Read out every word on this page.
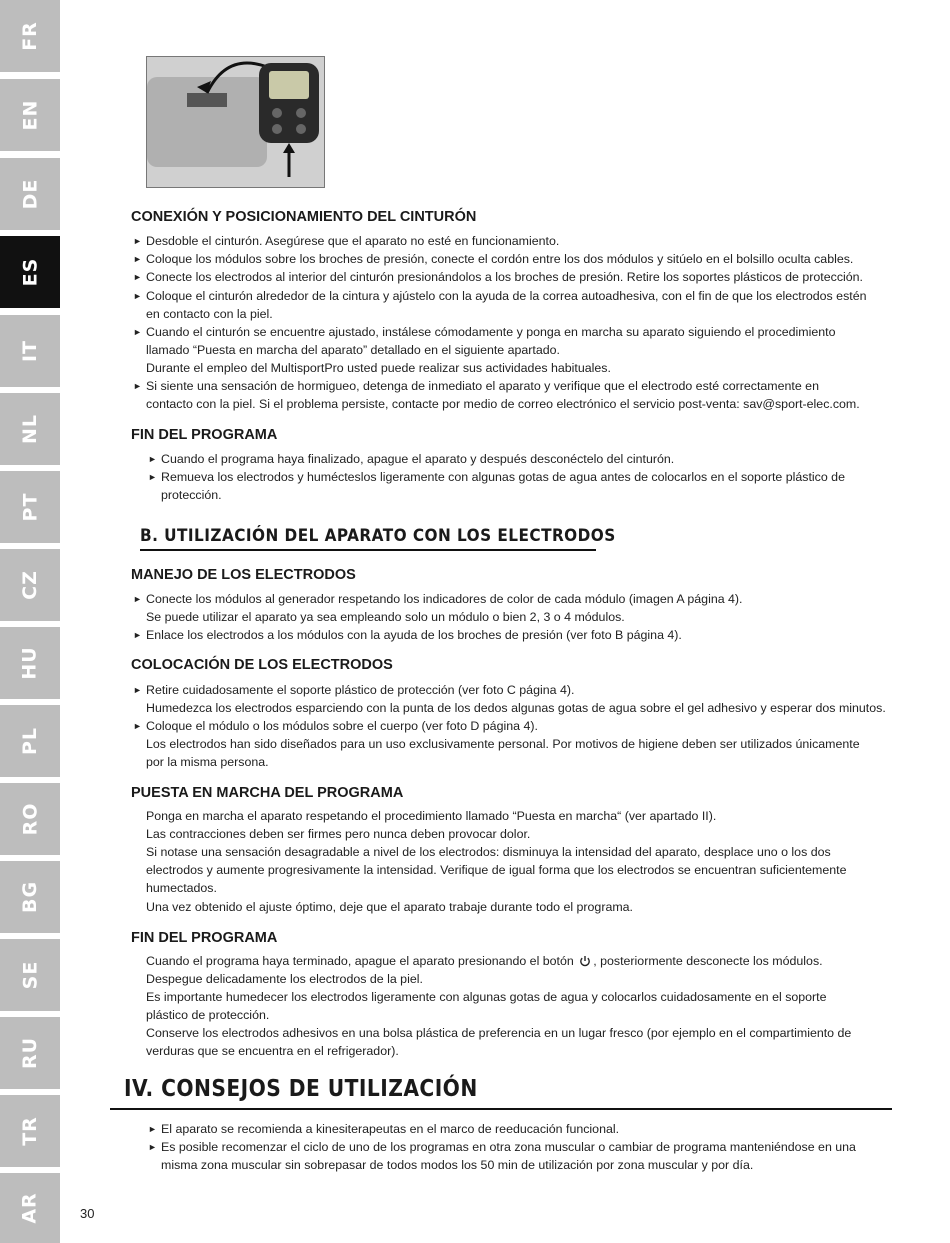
FR
EN
DE
ES
IT
NL
PT
CZ
HU
PL
RO
BG
SE
RU
TR
AR
CONEXIÓN Y POSICIONAMIENTO DEL CINTURÓN
► Desdoble el cinturón. Asegúrese que el aparato no esté en funcionamiento.
► Coloque los módulos sobre los broches de presión, conecte el cordón entre los dos módulos y sitúelo en el bolsillo oculta cables.
► Conecte los electrodos al interior del cinturón presionándolos a los broches de presión. Retire los soportes plásticos de protección.
► Coloque el cinturón alrededor de la cintura y ajústelo con la ayuda de la correa autoadhesiva, con el fin de que los electrodos estén
en contacto con la piel.
► Cuando el cinturón se encuentre ajustado, instálese cómodamente y ponga en marcha su aparato siguiendo el procedimiento
llamado “Puesta en marcha del aparato” detallado en el siguiente apartado.
Durante el empleo del MultisportPro usted puede realizar sus actividades habituales.
► Si siente una sensación de hormigueo, detenga de inmediato el aparato y verifique que el electrodo esté correctamente en
contacto con la piel. Si el problema persiste, contacte por medio de correo electrónico el servicio post-venta: sav@sport-elec.com.
FIN DEL PROGRAMA
► Cuando el programa haya finalizado, apague el aparato y después desconéctelo del cinturón.
► Remueva los electrodos y humécteslos ligeramente con algunas gotas de agua antes de colocarlos en el soporte plástico de
protección.
B. UTILIZACIÓN DEL APARATO CON LOS ELECTRODOS
MANEJO DE LOS ELECTRODOS
► Conecte los módulos al generador respetando los indicadores de color de cada módulo (imagen A página 4).
Se puede utilizar el aparato ya sea empleando solo un módulo o bien 2, 3 o 4 módulos.
► Enlace los electrodos a los módulos con la ayuda de los broches de presión (ver foto B página 4).
COLOCACIÓN DE LOS ELECTRODOS
► Retire cuidadosamente el soporte plástico de protección (ver foto C página 4).
Humedezca los electrodos esparciendo con la punta de los dedos algunas gotas de agua sobre el gel adhesivo y esperar dos minutos.
► Coloque el módulo o los módulos sobre el cuerpo (ver foto D página 4).
Los electrodos han sido diseñados para un uso exclusivamente personal. Por motivos de higiene deben ser utilizados únicamente
por la misma persona.
PUESTA EN MARCHA DEL PROGRAMA
Ponga en marcha el aparato respetando el procedimiento llamado “Puesta en marcha“ (ver apartado II).
Las contracciones deben ser firmes pero nunca deben provocar dolor.
Si notase una sensación desagradable a nivel de los electrodos: disminuya la intensidad del aparato, desplace uno o los dos
electrodos y aumente progresivamente la intensidad. Verifique de igual forma que los electrodos se encuentran suficientemente
humectados.
Una vez obtenido el ajuste óptimo, deje que el aparato trabaje durante todo el programa.
FIN DEL PROGRAMA
Cuando el programa haya terminado, apague el aparato presionando el botón , posteriormente desconecte los módulos.
Despegue delicadamente los electrodos de la piel.
Es importante humedecer los electrodos ligeramente con algunas gotas de agua y colocarlos cuidadosamente en el soporte
plástico de protección.
Conserve los electrodos adhesivos en una bolsa plástica de preferencia en un lugar fresco (por ejemplo en el compartimiento de
verduras que se encuentra en el refrigerador).
IV. CONSEJOS DE UTILIZACIÓN
► El aparato se recomienda a kinesiterapeutas en el marco de reeducación funcional.
► Es posible recomenzar el ciclo de uno de los programas en otra zona muscular o cambiar de programa manteniéndose en una
misma zona muscular sin sobrepasar de todos modos los 50 min de utilización por zona muscular y por día.
30
